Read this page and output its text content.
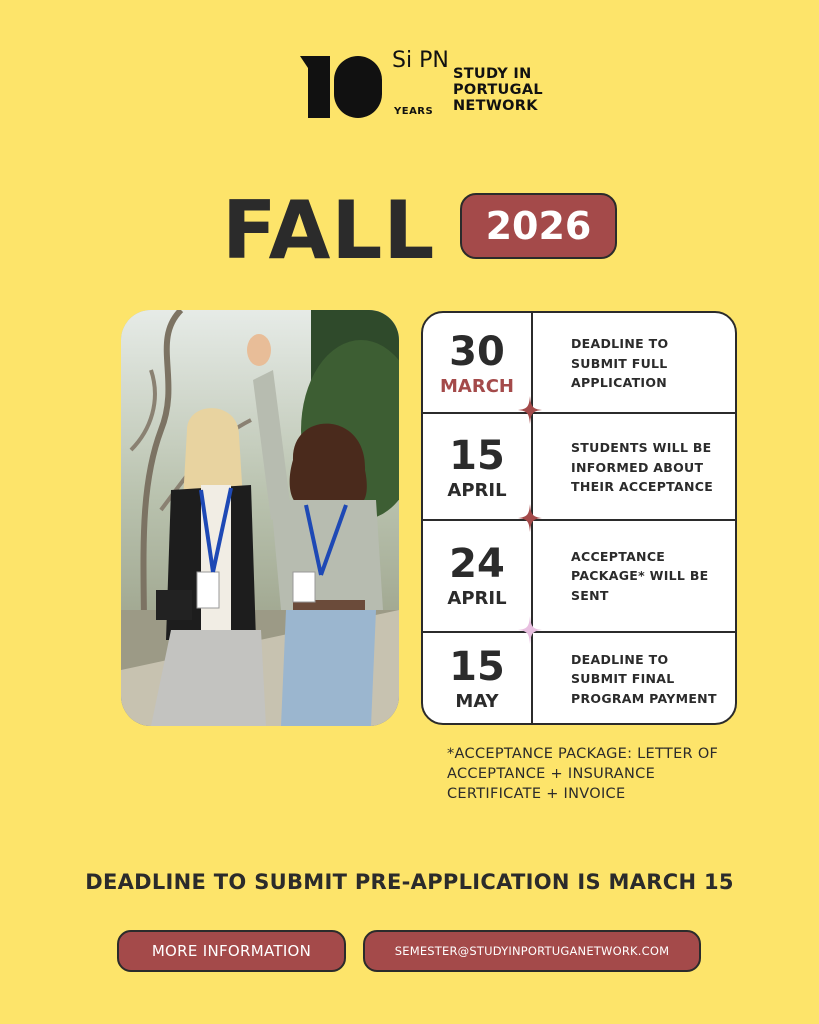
Si PN
YEARS
STUDY IN
PORTUGAL
NETWORK
FALL	2026
30
MARCH
DEADLINE TO SUBMIT FULL APPLICATION
15
APRIL
STUDENTS WILL BE INFORMED ABOUT THEIR ACCEPTANCE
24
APRIL
ACCEPTANCE PACKAGE* WILL BE SENT
15
MAY
DEADLINE TO SUBMIT FINAL PROGRAM PAYMENT
*ACCEPTANCE PACKAGE: LETTER OF ACCEPTANCE + INSURANCE CERTIFICATE + INVOICE
DEADLINE TO SUBMIT PRE-APPLICATION IS MARCH 15
MORE INFORMATION	SEMESTER@STUDYINPORTUGANETWORK.COM
